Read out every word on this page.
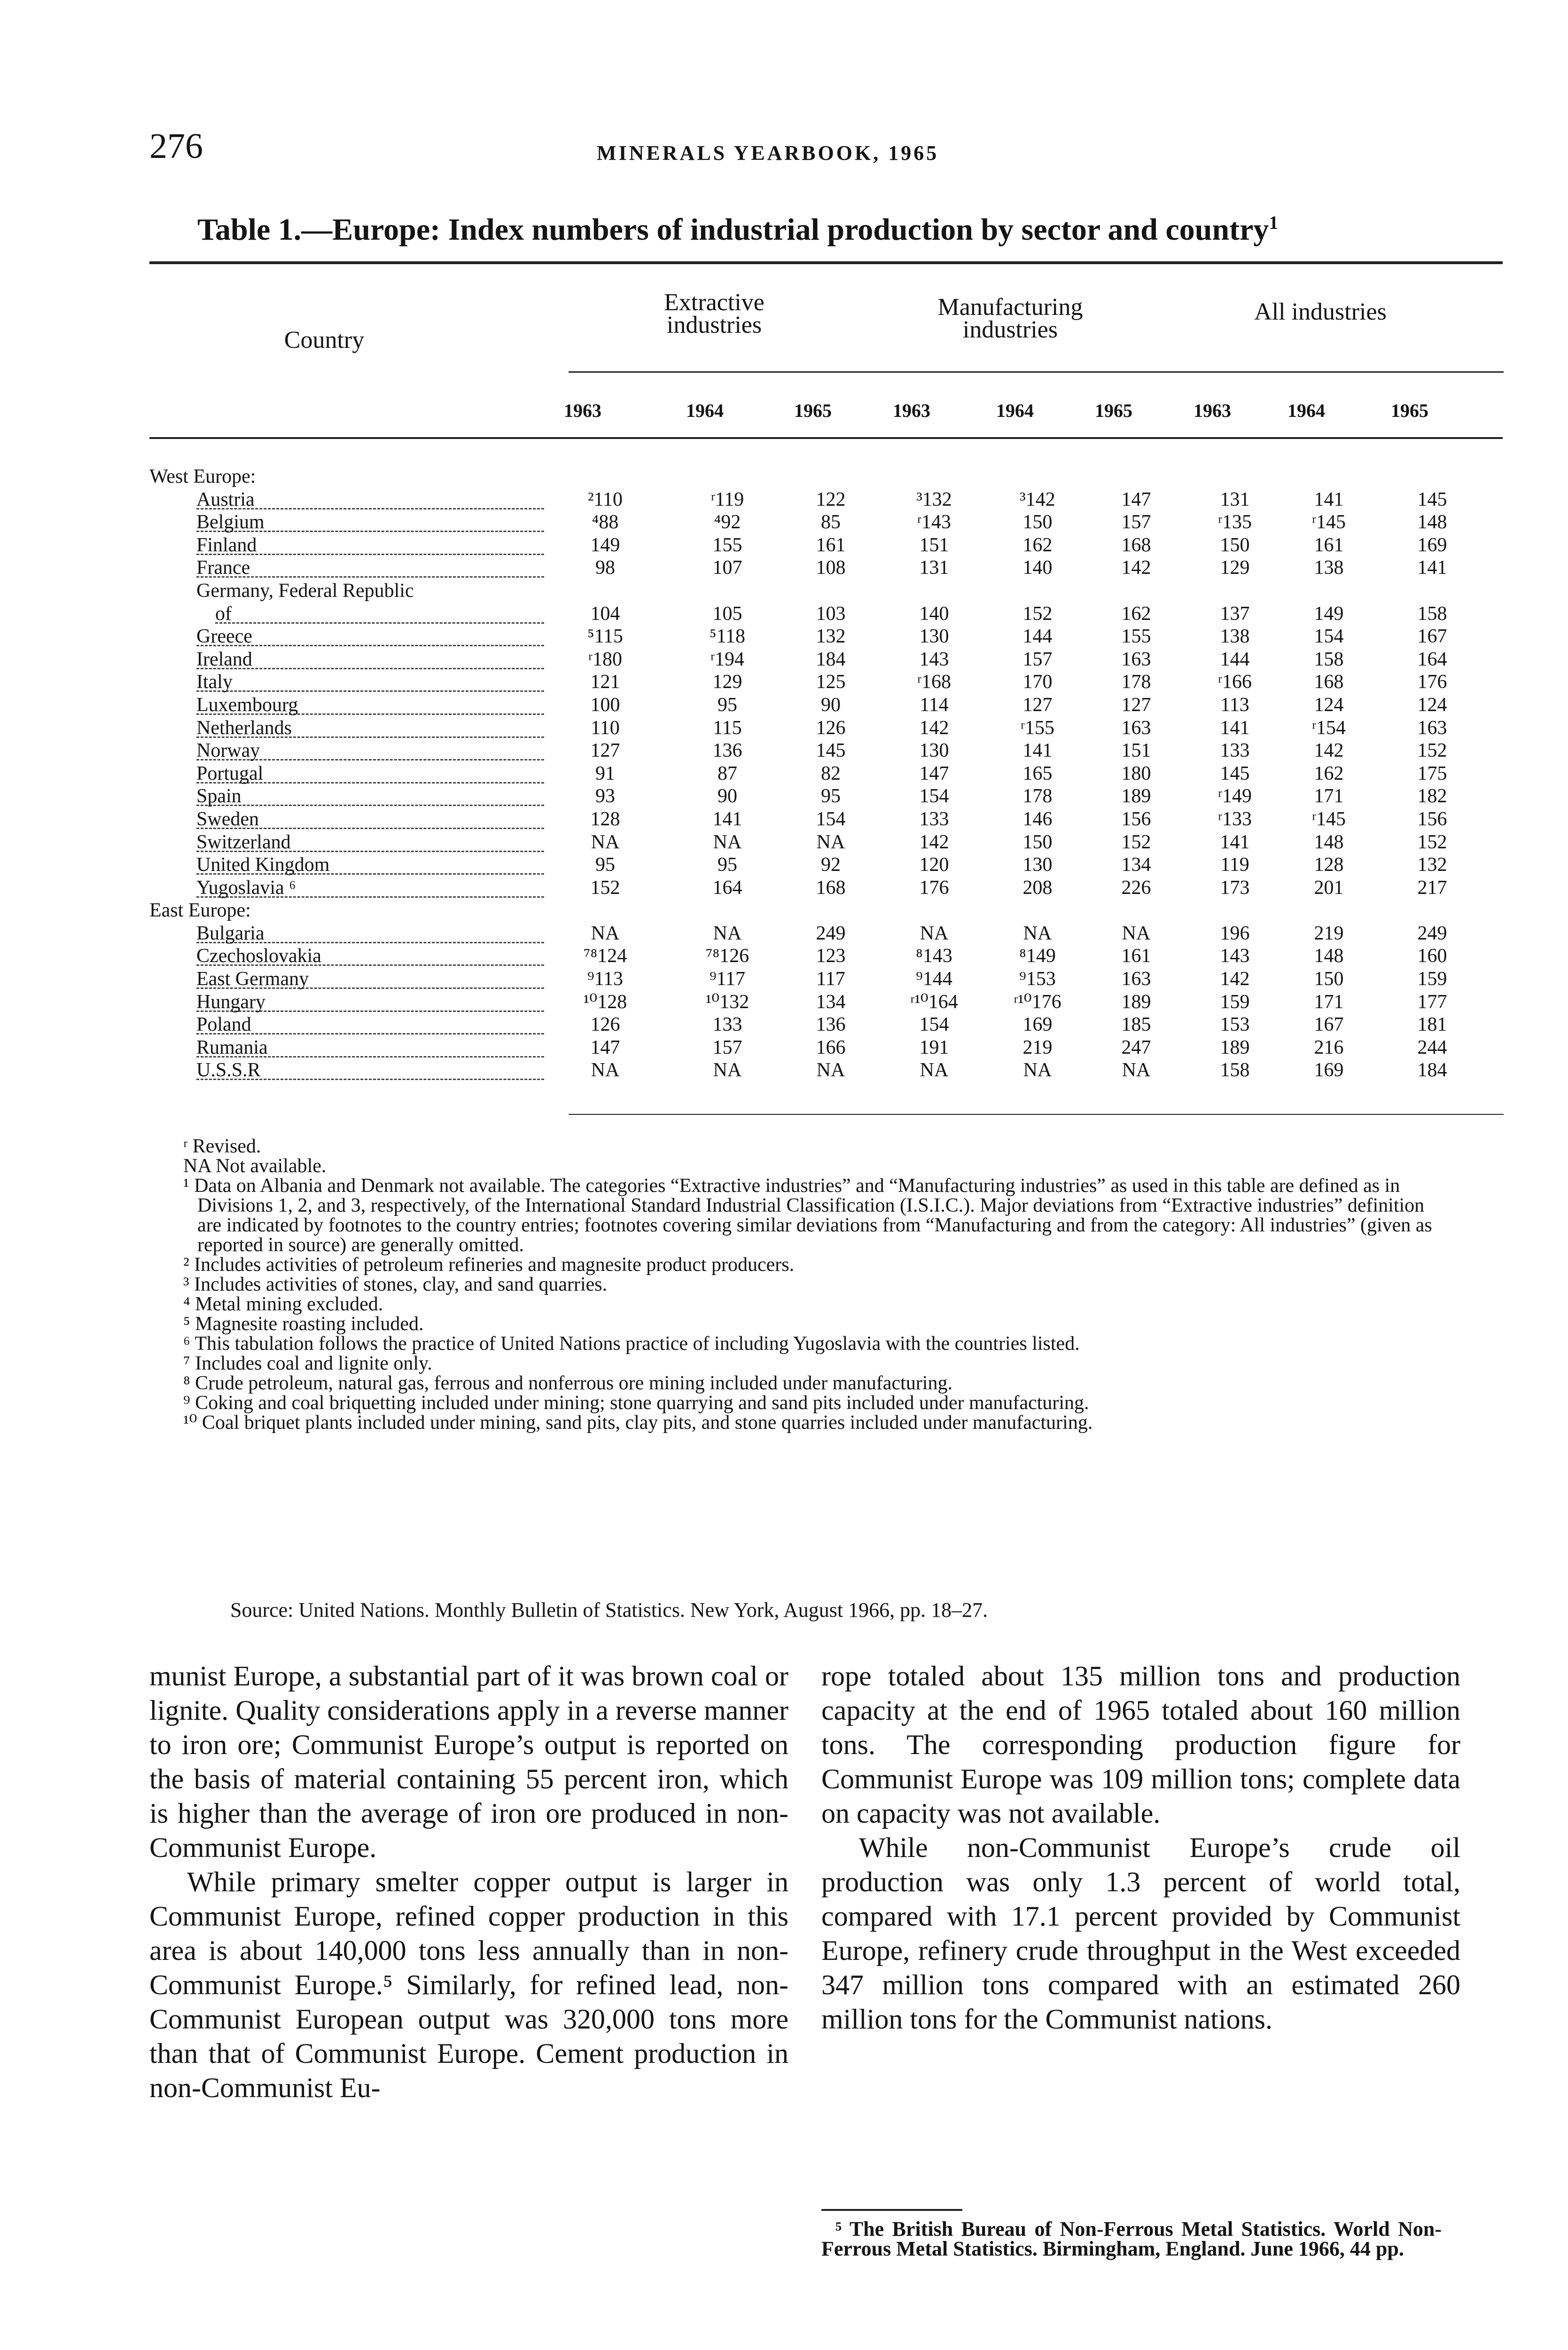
276	MINERALS YEARBOOK, 1965
Table 1.—Europe: Index numbers of industrial production by sector and country$^1$
Country
Extractive industries
Manufacturing industries
All industries
1963	1964	1965	1963	1964	1965	1963	1964	1965
West Europe:
Austria	²110	ʳ119	122	³132	³142	147	131	141	145
Belgium	⁴88	⁴92	85	ʳ143	150	157	ʳ135	ʳ145	148
Finland	149	155	161	151	162	168	150	161	169
France	98	107	108	131	140	142	129	138	141
Germany, Federal Republic
of	104	105	103	140	152	162	137	149	158
Greece	⁵115	⁵118	132	130	144	155	138	154	167
Ireland	ʳ180	ʳ194	184	143	157	163	144	158	164
Italy	121	129	125	ʳ168	170	178	ʳ166	168	176
Luxembourg	100	95	90	114	127	127	113	124	124
Netherlands	110	115	126	142	ʳ155	163	141	ʳ154	163
Norway	127	136	145	130	141	151	133	142	152
Portugal	91	87	82	147	165	180	145	162	175
Spain	93	90	95	154	178	189	ʳ149	171	182
Sweden	128	141	154	133	146	156	ʳ133	ʳ145	156
Switzerland	NA	NA	NA	142	150	152	141	148	152
United Kingdom	95	95	92	120	130	134	119	128	132
Yugoslavia ⁶	152	164	168	176	208	226	173	201	217
East Europe:
Bulgaria	NA	NA	249	NA	NA	NA	196	219	249
Czechoslovakia	⁷⁸124	⁷⁸126	123	⁸143	⁸149	161	143	148	160
East Germany	⁹113	⁹117	117	⁹144	⁹153	163	142	150	159
Hungary	¹⁰128	¹⁰132	134	ʳ¹⁰164	ʳ¹⁰176	189	159	171	177
Poland	126	133	136	154	169	185	153	167	181
Rumania	147	157	166	191	219	247	189	216	244
U.S.S.R	NA	NA	NA	NA	NA	NA	158	169	184
ʳ Revised.
NA Not available.
¹ Data on Albania and Denmark not available. The categories “Extractive industries” and “Manufacturing industries” as used in this table are defined as in Divisions 1, 2, and 3, respectively, of the International Standard Industrial Classification (I.S.I.C.). Major deviations from “Extractive industries” definition are indicated by footnotes to the country entries; footnotes covering similar deviations from “Manufacturing and from the category: All industries” (given as reported in source) are generally omitted.
² Includes activities of petroleum refineries and magnesite product producers.
³ Includes activities of stones, clay, and sand quarries.
⁴ Metal mining excluded.
⁵ Magnesite roasting included.
⁶ This tabulation follows the practice of United Nations practice of including Yugoslavia with the countries listed.
⁷ Includes coal and lignite only.
⁸ Crude petroleum, natural gas, ferrous and nonferrous ore mining included under manufacturing.
⁹ Coking and coal briquetting included under mining; stone quarrying and sand pits included under manufacturing.
¹⁰ Coal briquet plants included under mining, sand pits, clay pits, and stone quarries included under manufacturing.
Source: United Nations. Monthly Bulletin of Statistics. New York, August 1966, pp. 18–27.

munist Europe, a substantial part of it was brown coal or lignite. Quality considerations apply in a reverse manner to iron ore; Communist Europe’s output is reported on the basis of material containing 55 percent iron, which is higher than the average of iron ore produced in non-Communist Europe.

While primary smelter copper output is larger in Communist Europe, refined copper production in this area is about 140,000 tons less annually than in non-Communist Europe.⁵ Similarly, for refined lead, non-Communist European output was 320,000 tons more than that of Communist Europe. Cement production in non-Communist Eu-

rope totaled about 135 million tons and production capacity at the end of 1965 totaled about 160 million tons. The corresponding production figure for Communist Europe was 109 million tons; complete data on capacity was not available.

While non-Communist Europe’s crude oil production was only 1.3 percent of world total, compared with 17.1 percent provided by Communist Europe, refinery crude throughput in the West exceeded 347 million tons compared with an estimated 260 million tons for the Communist nations.

⁵ The British Bureau of Non-Ferrous Metal Statistics. World Non-Ferrous Metal Statistics. Birmingham, England. June 1966, 44 pp.
